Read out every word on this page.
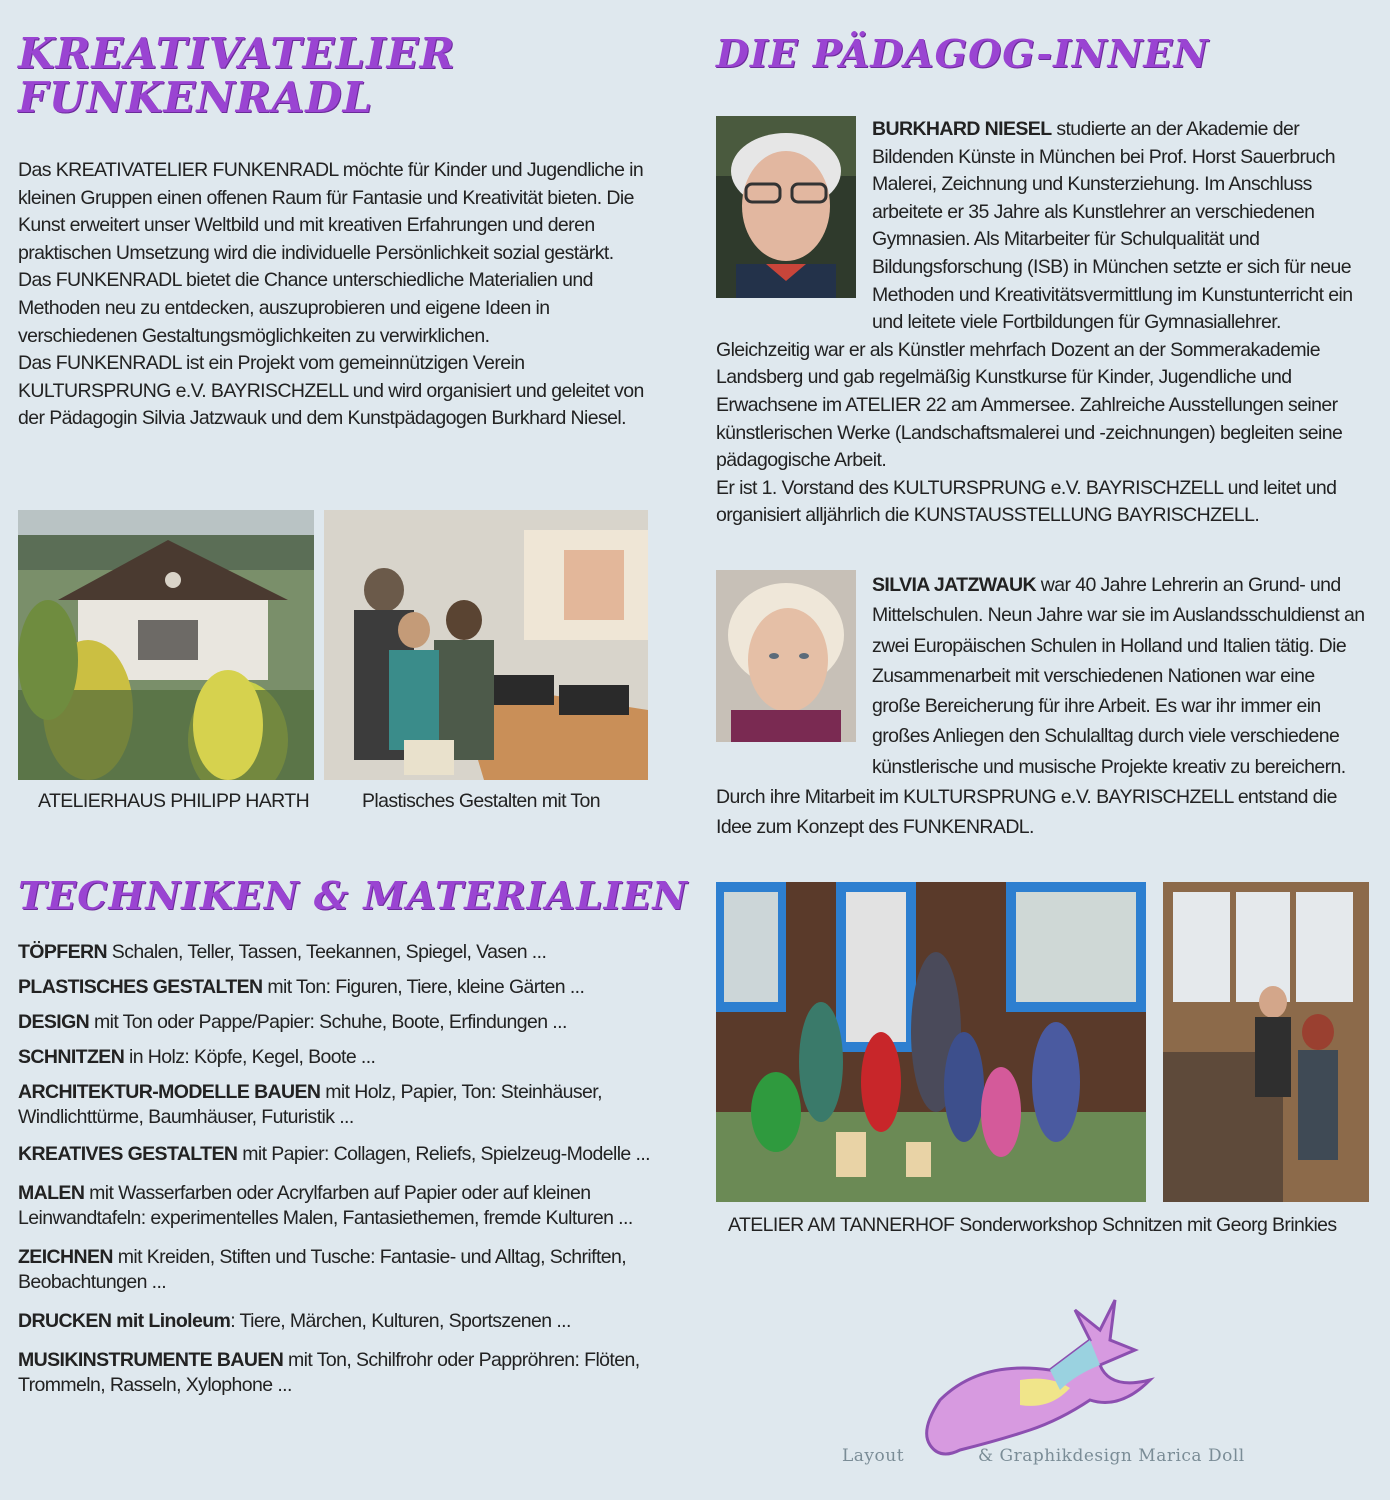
KREATIVATELIER
FUNKENRADL

Das KREATIVATELIER FUNKENRADL möchte für Kinder und Jugendliche in kleinen Gruppen einen offenen Raum für Fantasie und Kreativität bieten. Die Kunst erweitert unser Weltbild und mit kreativen Erfahrungen und deren praktischen Umsetzung wird die individuelle Persönlichkeit sozial gestärkt.

Das FUNKENRADL bietet die Chance unterschiedliche Materialien und Methoden neu zu entdecken, auszuprobieren und eigene Ideen in verschiedenen Gestaltungsmöglichkeiten zu verwirklichen.

Das FUNKENRADL ist ein Projekt vom gemeinnützigen Verein KULTURSPRUNG e.V. BAYRISCHZELL und wird organisiert und geleitet von der Pädagogin Silvia Jatzwauk und dem Kunstpädagogen Burkhard Niesel.

ATELIERHAUS PHILIPP HARTH	Plastisches Gestalten mit Ton
TECHNIKEN & MATERIALIEN

TÖPFERN Schalen, Teller, Tassen, Teekannen, Spiegel, Vasen ...

PLASTISCHES GESTALTEN mit Ton: Figuren, Tiere, kleine Gärten ...

DESIGN mit Ton oder Pappe/Papier: Schuhe, Boote, Erfindungen ...

SCHNITZEN in Holz: Köpfe, Kegel, Boote ...

ARCHITEKTUR-MODELLE BAUEN mit Holz, Papier, Ton: Steinhäuser, Windlichttürme, Baumhäuser, Futuristik ...

KREATIVES GESTALTEN mit Papier: Collagen, Reliefs, Spielzeug-Modelle ...

MALEN mit Wasserfarben oder Acrylfarben auf Papier oder auf kleinen Leinwandtafeln: experimentelles Malen, Fantasiethemen, fremde Kulturen ...

ZEICHNEN mit Kreiden, Stiften und Tusche: Fantasie- und Alltag, Schriften, Beobachtungen ...

DRUCKEN mit Linoleum: Tiere, Märchen, Kulturen, Sportszenen ...

MUSIKINSTRUMENTE BAUEN mit Ton, Schilfrohr oder Pappröhren: Flöten, Trommeln, Rasseln, Xylophone ...

DIE PÄDAGOG-INNEN

BURKHARD NIESEL studierte an der Akademie der Bildenden Künste in München bei Prof. Horst Sauerbruch Malerei, Zeichnung und Kunsterziehung. Im Anschluss arbeitete er 35 Jahre als Kunstlehrer an verschiedenen Gymnasien. Als Mitarbeiter für Schulqualität und Bildungsforschung (ISB) in München setzte er sich für neue Methoden und Kreativitätsvermittlung im Kunstunterricht ein und leitete viele Fortbildungen für Gymnasiallehrer. Gleichzeitig war er als Künstler mehrfach Dozent an der Sommerakademie Landsberg und gab regelmäßig Kunstkurse für Kinder, Jugendliche und Erwachsene im ATELIER 22 am Ammersee. Zahlreiche Ausstellungen seiner künstlerischen Werke (Landschaftsmalerei und -zeichnungen) begleiten seine pädagogische Arbeit.

Er ist 1. Vorstand des KULTURSPRUNG e.V. BAYRISCHZELL und leitet und organisiert alljährlich die KUNSTAUSSTELLUNG BAYRISCHZELL.

SILVIA JATZWAUK war 40 Jahre Lehrerin an Grund- und Mittelschulen. Neun Jahre war sie im Auslandsschuldienst an zwei Europäischen Schulen in Holland und Italien tätig. Die Zusammenarbeit mit verschiedenen Nationen war eine große Bereicherung für ihre Arbeit. Es war ihr immer ein großes Anliegen den Schulalltag durch viele verschiedene künstlerische und musische Projekte kreativ zu bereichern. Durch ihre Mitarbeit im KULTURSPRUNG e.V. BAYRISCHZELL entstand die Idee zum Konzept des FUNKENRADL.

ATELIER AM TANNERHOF Sonderworkshop Schnitzen mit Georg Brinkies
Layout	& Graphikdesign Marica Doll
